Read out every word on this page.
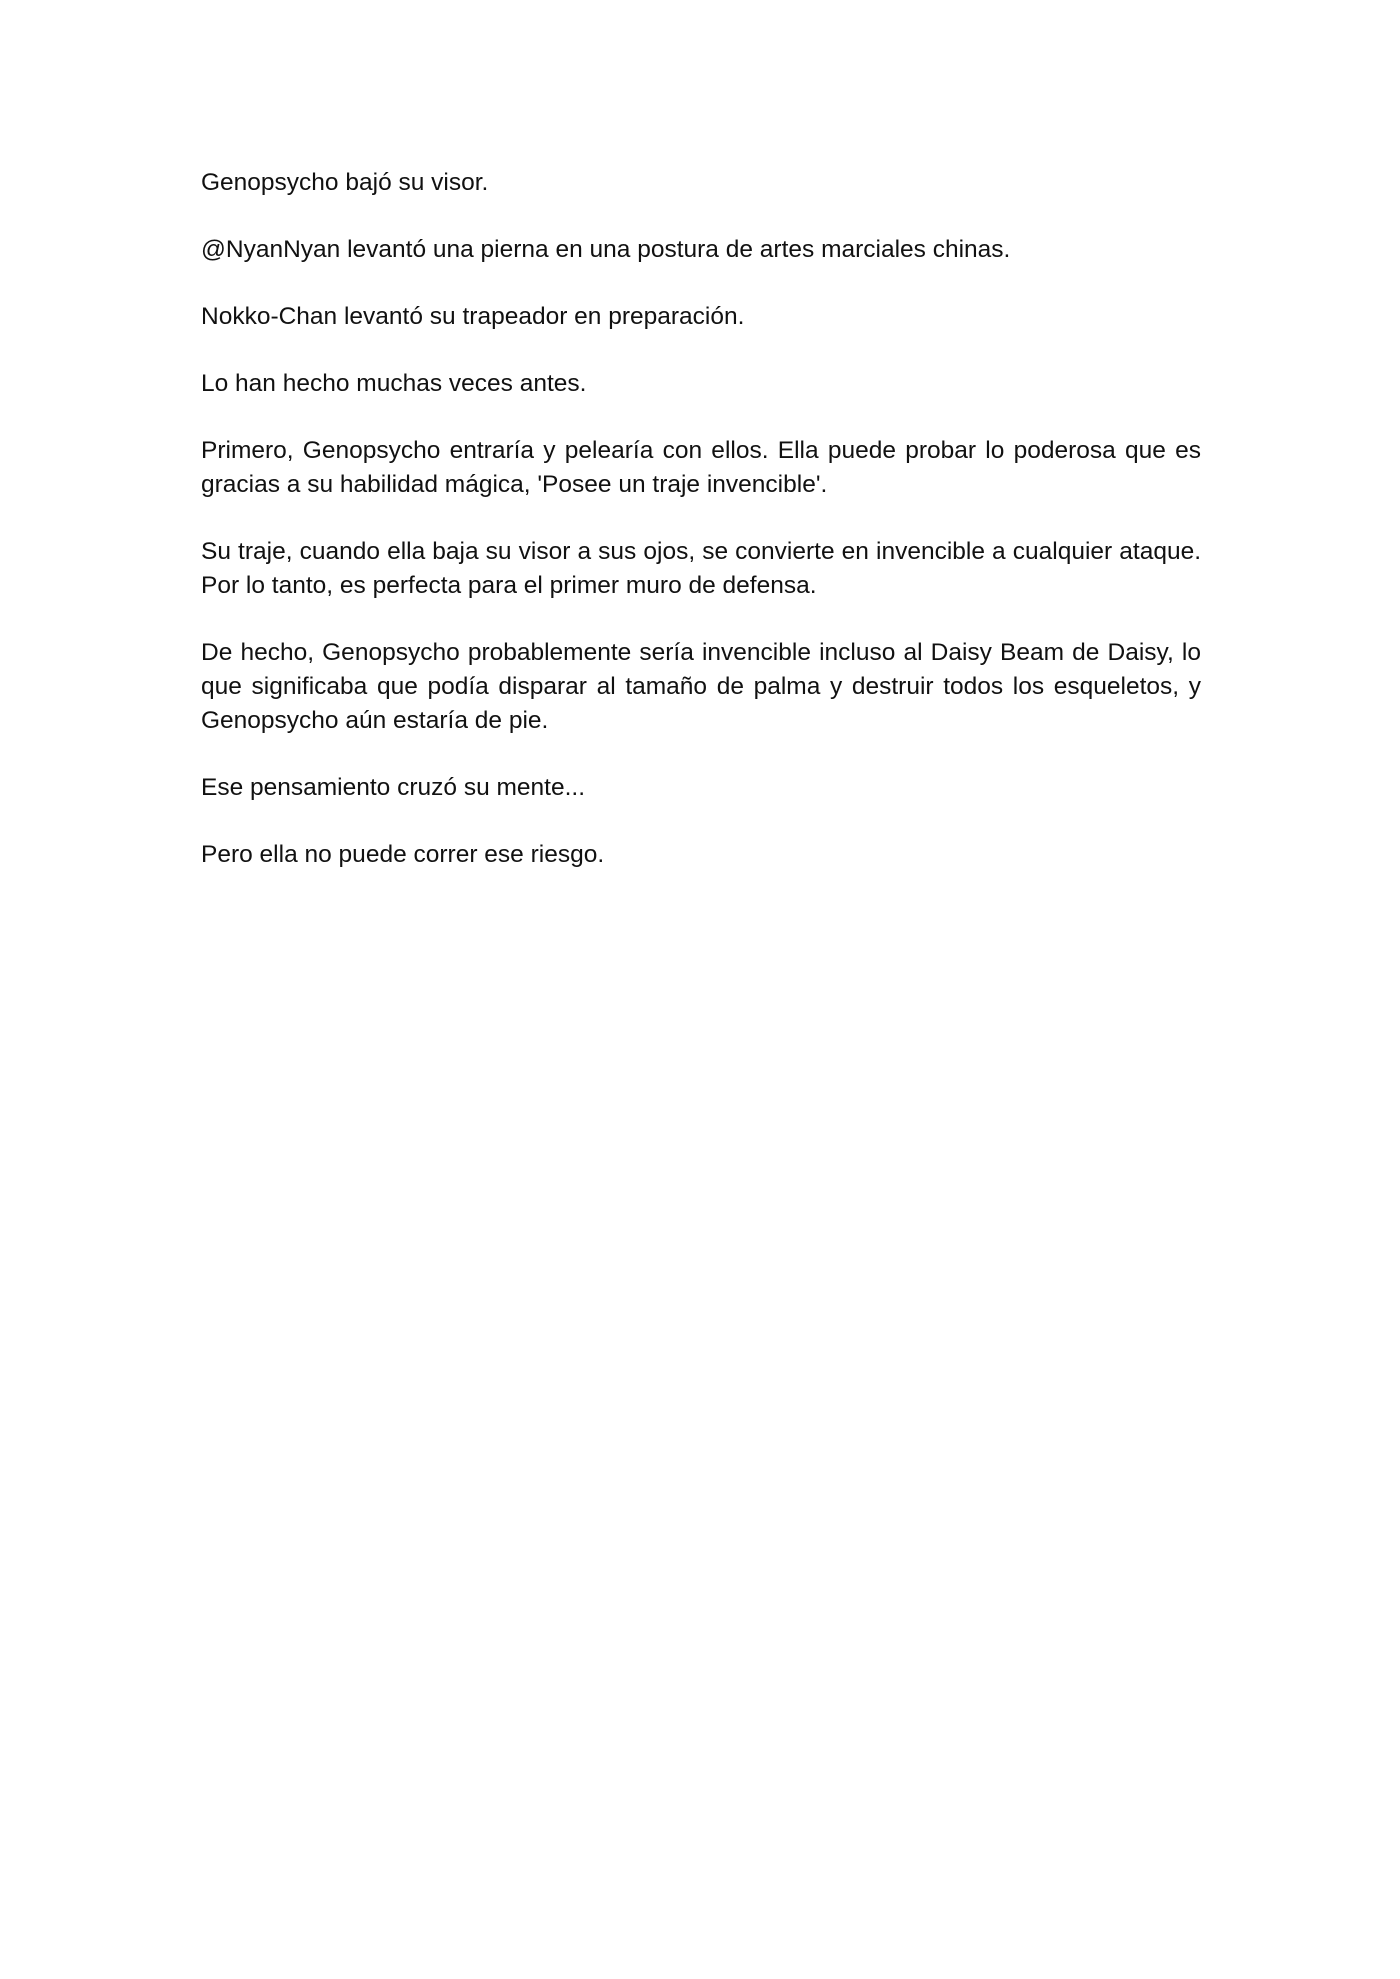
Genopsycho bajó su visor.

@NyanNyan levantó una pierna en una postura de artes marciales chinas.

Nokko-Chan levantó su trapeador en preparación.

Lo han hecho muchas veces antes.

Primero, Genopsycho entraría y pelearía con ellos. Ella puede probar lo poderosa que es gracias a su habilidad mágica, 'Posee un traje invencible'.

Su traje, cuando ella baja su visor a sus ojos, se convierte en invencible a cualquier ataque. Por lo tanto, es perfecta para el primer muro de defensa.

De hecho, Genopsycho probablemente sería invencible incluso al Daisy Beam de Daisy, lo que significaba que podía disparar al tamaño de palma y destruir todos los esqueletos, y Genopsycho aún estaría de pie.

Ese pensamiento cruzó su mente...

Pero ella no puede correr ese riesgo.
